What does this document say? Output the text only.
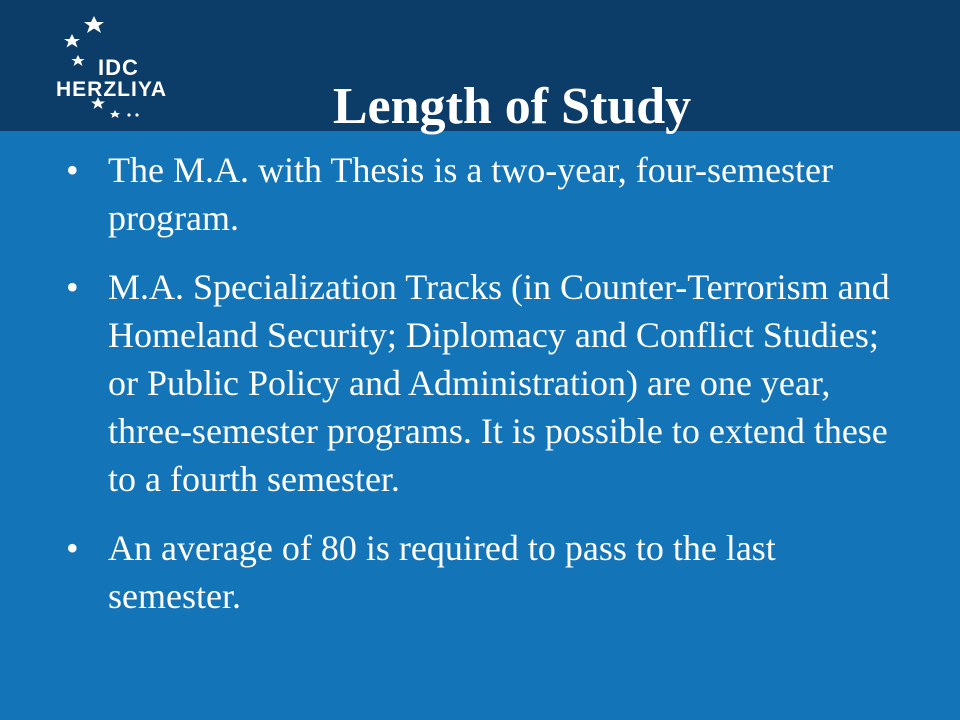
IDC
HERZLIYA	Length of Study
• The M.A. with Thesis is a two-year, four-semester program.
• M.A. Specialization Tracks (in Counter-Terrorism and Homeland Security; Diplomacy and Conflict Studies; or Public Policy and Administration) are one year, three-semester programs. It is possible to extend these to a fourth semester.
• An average of 80 is required to pass to the last semester.
